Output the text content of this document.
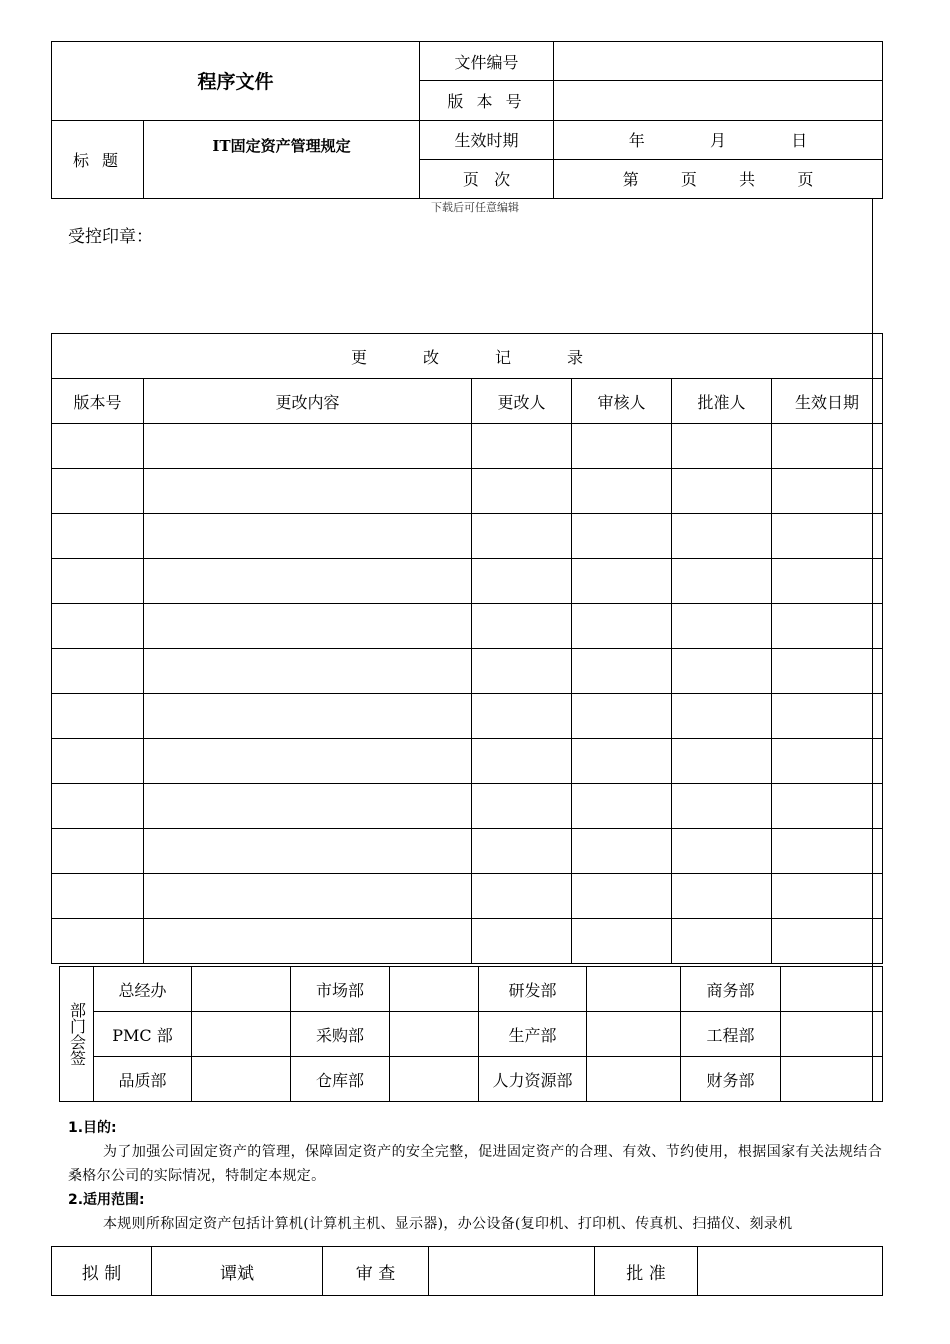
程序文件		文件编号	
		版 本 号	
标 题	IT固定资产管理规定	生效时期	年 月 日
		页   次	第 页 共 页
下载后可任意编辑
受控印章：
更 改 记 录					
版本号	更改内容	更改人	审核人	批准人	生效日期

部门会签	总经办		市场部		研发部		商务部	
	PMC 部		采购部		生产部		工程部	
	品质部		仓库部		人力资源部		财务部	
1.目的:
为了加强公司固定资产的管理，保障固定资产的安全完整，促进固定资产的合理、有效、节约使用，根据国家有关法规结合桑格尔公司的实际情况，特制定本规定。
2.适用范围:
本规则所称固定资产包括计算机(计算机主机、显示器)，办公设备(复印机、打印机、传真机、扫描仪、刻录机
拟 制	谭斌	审 查		批 准	
